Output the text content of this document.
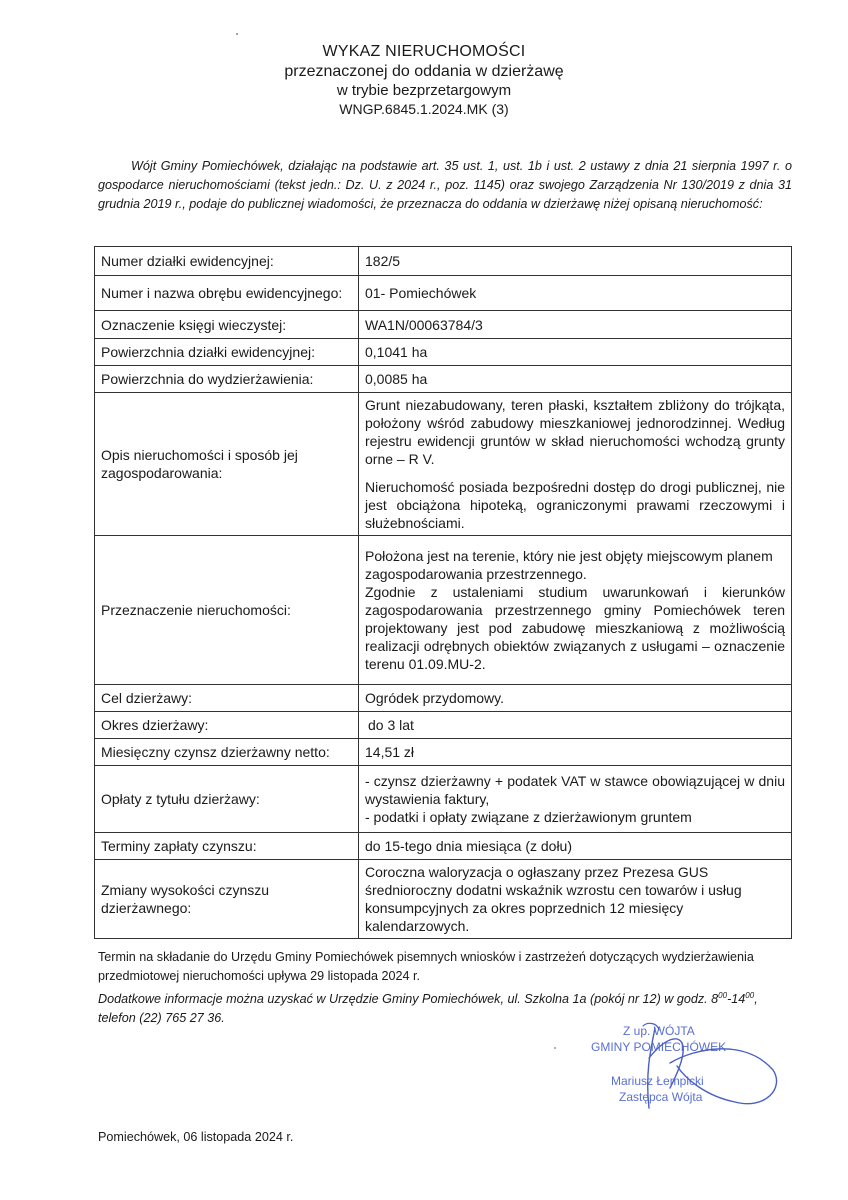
WYKAZ NIERUCHOMOŚCI
przeznaczonej do oddania w dzierżawę
w trybie bezprzetargowym
WNGP.6845.1.2024.MK (3)
Wójt Gminy Pomiechówek, działając na podstawie art. 35 ust. 1, ust. 1b i ust. 2 ustawy z dnia 21 sierpnia 1997 r. o gospodarce nieruchomościami (tekst jedn.: Dz. U. z 2024 r., poz. 1145) oraz swojego Zarządzenia Nr 130/2019 z dnia 31 grudnia 2019 r., podaje do publicznej wiadomości, że przeznacza do oddania w dzierżawę niżej opisaną nieruchomość:
Numer działki ewidencyjnej:	182/5
Numer i nazwa obrębu ewidencyjnego:	01- Pomiechówek
Oznaczenie księgi wieczystej:	WA1N/00063784/3
Powierzchnia działki ewidencyjnej:	0,1041 ha
Powierzchnia do wydzierżawienia:	0,0085 ha
Opis nieruchomości i sposób jej zagospodarowania:	Grunt niezabudowany, teren płaski, kształtem zbliżony do trójkąta, położony wśród zabudowy mieszkaniowej jednorodzinnej. Według rejestru ewidencji gruntów w skład nieruchomości wchodzą grunty orne – R V.

Nieruchomość posiada bezpośredni dostęp do drogi publicznej, nie jest obciążona hipoteką, ograniczonymi prawami rzeczowymi i służebnościami.

Przeznaczenie nieruchomości:	Położona jest na terenie, który nie jest objęty miejscowym planem zagospodarowania przestrzennego.

Zgodnie z ustaleniami studium uwarunkowań i kierunków zagospodarowania przestrzennego gminy Pomiechówek teren projektowany jest pod zabudowę mieszkaniową z możliwością realizacji odrębnych obiektów związanych z usługami – oznaczenie terenu 01.09.MU-2.

Cel dzierżawy:	Ogródek przydomowy.
Okres dzierżawy:	do 3 lat
Miesięczny czynsz dzierżawny netto:	14,51 zł
Opłaty z tytułu dzierżawy:	- czynsz dzierżawny + podatek VAT w stawce obowiązującej w dniu wystawienia faktury,

- podatki i opłaty związane z dzierżawionym gruntem

Terminy zapłaty czynszu:	do 15-tego dnia miesiąca (z dołu)
Zmiany wysokości czynszu dzierżawnego:	Coroczna waloryzacja o ogłaszany przez Prezesa GUS średnioroczny dodatni wskaźnik wzrostu cen towarów i usług konsumpcyjnych za okres poprzednich 12 miesięcy kalendarzowych.
Termin na składanie do Urzędu Gminy Pomiechówek pisemnych wniosków i zastrzeżeń dotyczących wydzierżawienia przedmiotowej nieruchomości upływa 29 listopada 2024 r.
Dodatkowe informacje można uzyskać w Urzędzie Gminy Pomiechówek, ul. Szkolna 1a (pokój nr 12) w godz. $8^{00}-14^{00}$, telefon (22) 765 27 36.
Z up. WÓJTA
GMINY POMIECHÓWEK
Mariusz Łempicki
Zastępca Wójta
Pomiechówek, 06 listopada 2024 r.
